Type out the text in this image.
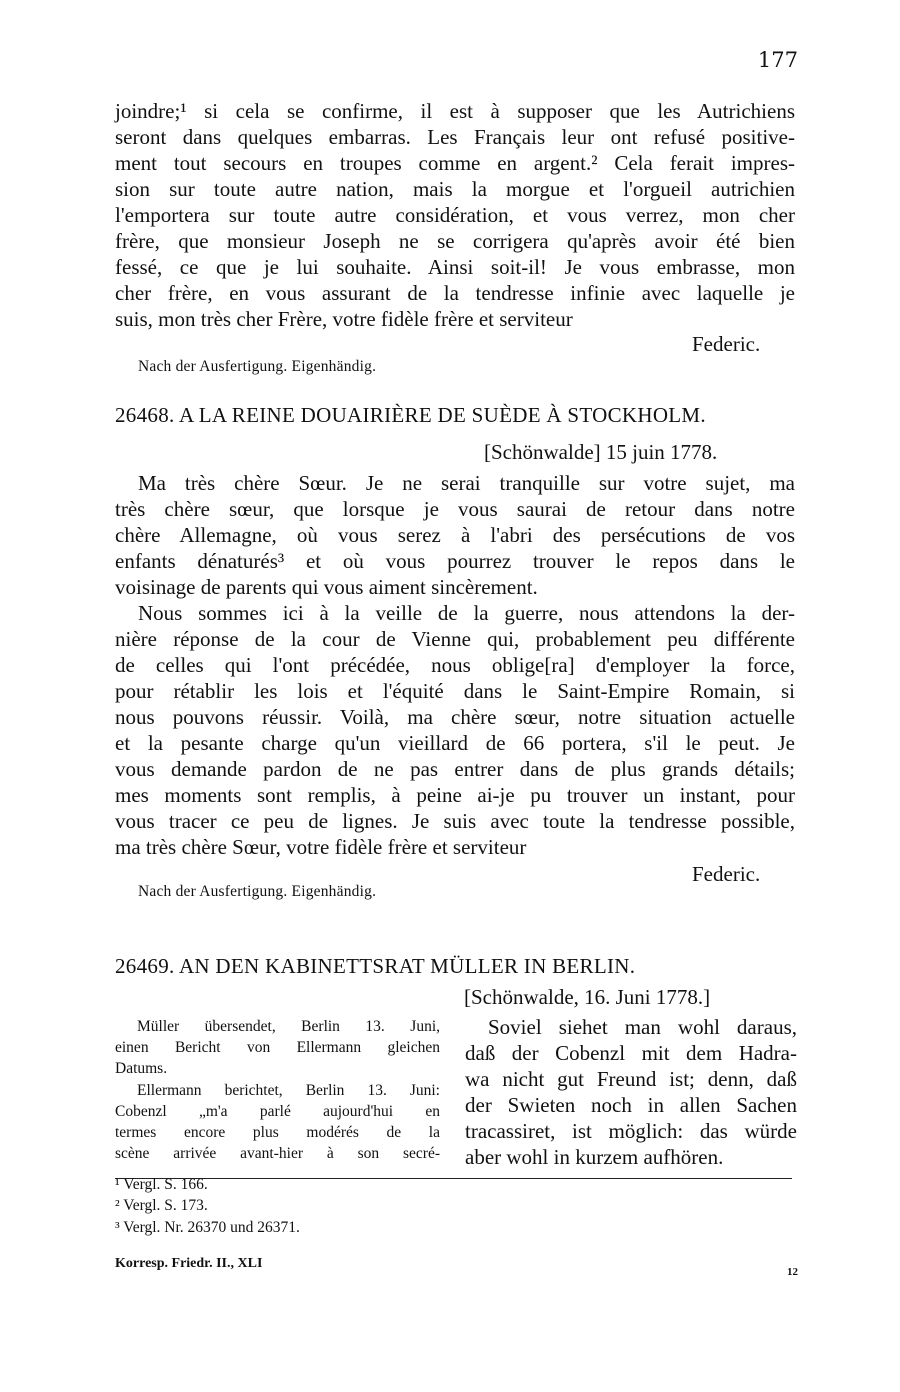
177
joindre;¹ si cela se confirme, il est à supposer que les Autrichiens
seront dans quelques embarras. Les Français leur ont refusé positive-
ment tout secours en troupes comme en argent.² Cela ferait impres-
sion sur toute autre nation, mais la morgue et l'orgueil autrichien
l'emportera sur toute autre considération, et vous verrez, mon cher
frère, que monsieur Joseph ne se corrigera qu'après avoir été bien
fessé, ce que je lui souhaite. Ainsi soit-il! Je vous embrasse, mon
cher frère, en vous assurant de la tendresse infinie avec laquelle je
suis, mon très cher Frère, votre fidèle frère et serviteur
Federic.
Nach der Ausfertigung. Eigenhändig.
26468. A LA REINE DOUAIRIÈRE DE SUÈDE À STOCKHOLM.
[Schönwalde] 15 juin 1778.
Ma très chère Sœur. Je ne serai tranquille sur votre sujet, ma
très chère sœur, que lorsque je vous saurai de retour dans notre
chère Allemagne, où vous serez à l'abri des persécutions de vos
enfants dénaturés³ et où vous pourrez trouver le repos dans le
voisinage de parents qui vous aiment sincèrement.
Nous sommes ici à la veille de la guerre, nous attendons la der-
nière réponse de la cour de Vienne qui, probablement peu différente
de celles qui l'ont précédée, nous oblige[ra] d'employer la force,
pour rétablir les lois et l'équité dans le Saint-Empire Romain, si
nous pouvons réussir. Voilà, ma chère sœur, notre situation actuelle
et la pesante charge qu'un vieillard de 66 portera, s'il le peut. Je
vous demande pardon de ne pas entrer dans de plus grands détails;
mes moments sont remplis, à peine ai-je pu trouver un instant, pour
vous tracer ce peu de lignes. Je suis avec toute la tendresse possible,
ma très chère Sœur, votre fidèle frère et serviteur
Federic.
Nach der Ausfertigung. Eigenhändig.
26469. AN DEN KABINETTSRAT MÜLLER IN BERLIN.
[Schönwalde, 16. Juni 1778.]
Müller übersendet, Berlin 13. Juni,
einen Bericht von Ellermann gleichen
Datums.
Ellermann berichtet, Berlin 13. Juni:
Cobenzl „m'a parlé aujourd'hui en
termes encore plus modérés de la
scène arrivée avant-hier à son secré-
Soviel siehet man wohl daraus,
daß der Cobenzl mit dem Hadra-
wa nicht gut Freund ist; denn, daß
der Swieten noch in allen Sachen
tracassiret, ist möglich: das würde
aber wohl in kurzem aufhören.
¹ Vergl. S. 166.
² Vergl. S. 173.
³ Vergl. Nr. 26370 und 26371.
Korresp. Friedr. II., XLI
12
